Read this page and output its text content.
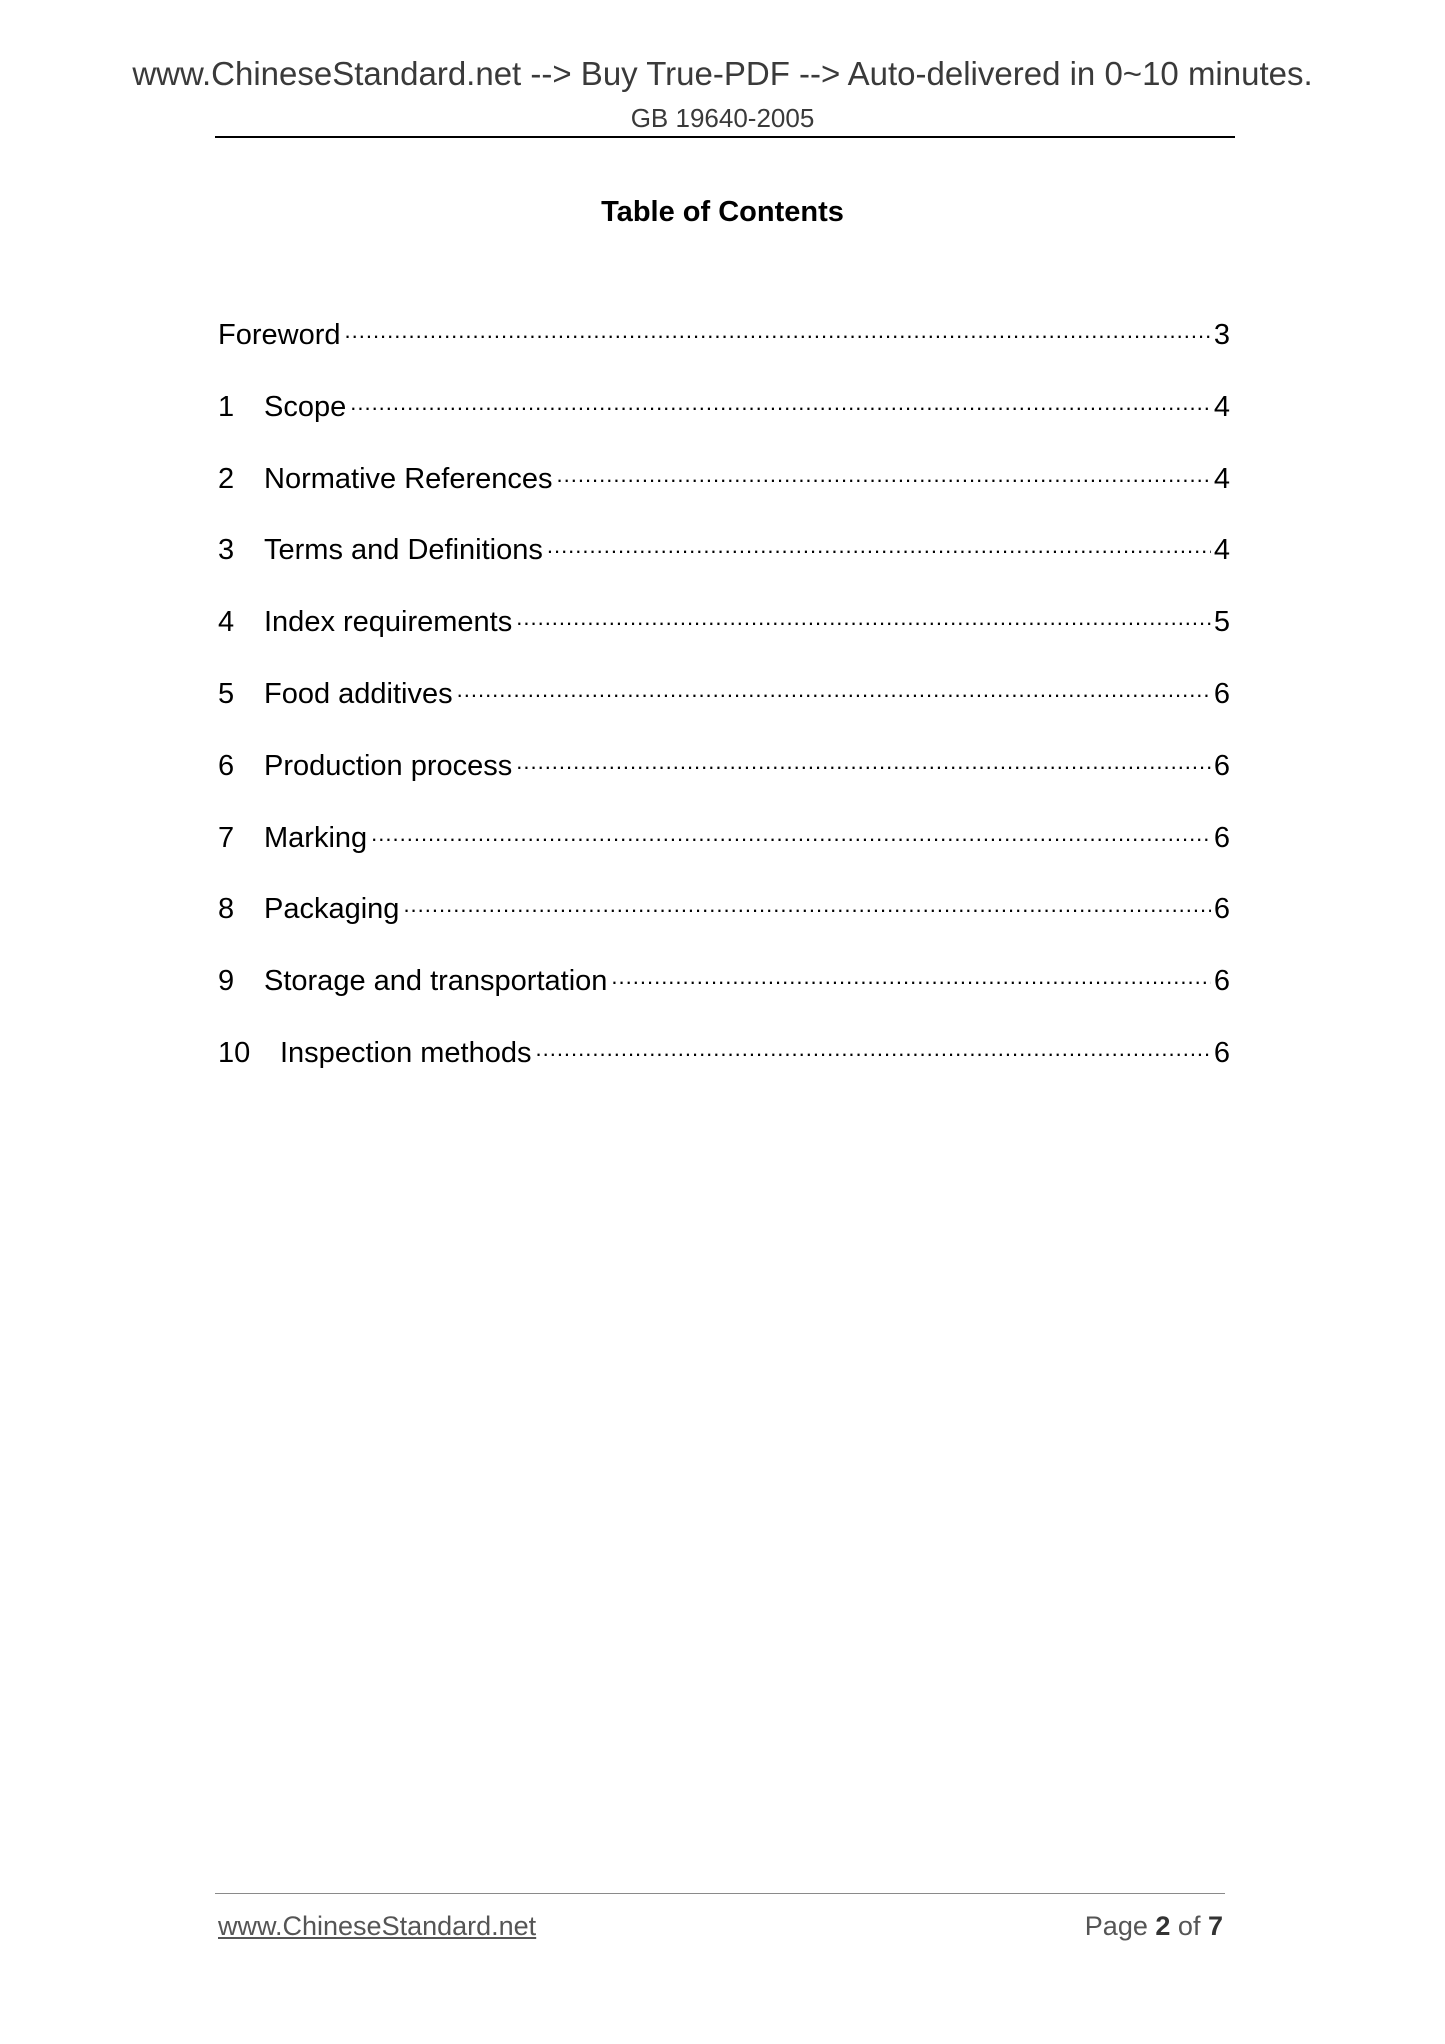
www.ChineseStandard.net --> Buy True-PDF --> Auto-delivered in 0~10 minutes.
GB 19640-2005
Table of Contents
Foreword .....	3
1	Scope .....	4
2	Normative References .....	4
3	Terms and Definitions .....	4
4	Index requirements .....	5
5	Food additives .....	6
6	Production process .....	6
7	Marking .....	6
8	Packaging .....	6
9	Storage and transportation .....	6
10	Inspection methods .....	6
www.ChineseStandard.net	Page 2 of 7
